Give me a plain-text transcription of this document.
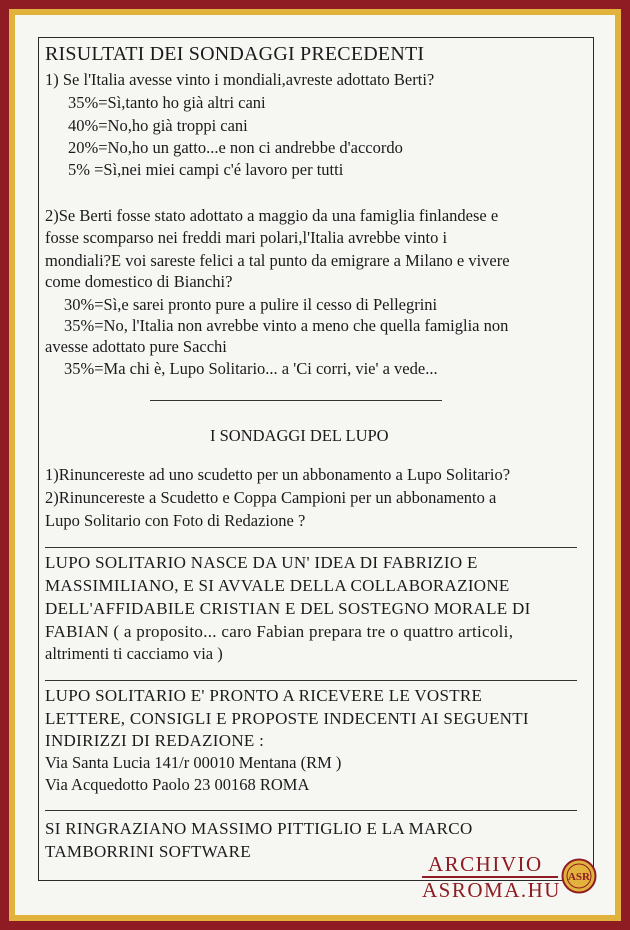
RISULTATI DEI SONDAGGI PRECEDENTI
1) Se l'Italia avesse vinto i mondiali,avreste adottato Berti?
35%=Sì,tanto ho già altri cani
40%=No,ho già troppi cani
20%=No,ho un gatto...e non ci andrebbe d'accordo
5% =Sì,nei miei campi c'é lavoro per tutti
2)Se Berti fosse stato adottato a maggio da una famiglia finlandese e
fosse scomparso nei freddi mari polari,l'Italia avrebbe vinto i
mondiali?E voi sareste felici a tal punto da emigrare a Milano e vivere
come domestico di Bianchi?
30%=Sì,e sarei pronto pure a pulire il cesso di Pellegrini
35%=No, l'Italia non avrebbe vinto a meno che quella famiglia non
avesse adottato pure Sacchi
35%=Ma chi è, Lupo Solitario... a 'Ci corri, vie' a vede...
I SONDAGGI DEL LUPO
1)Rinuncereste ad uno scudetto per un abbonamento a Lupo Solitario?
2)Rinuncereste a Scudetto e Coppa Campioni per un abbonamento a
Lupo Solitario con Foto di Redazione ?
LUPO SOLITARIO NASCE DA UN' IDEA DI FABRIZIO E
MASSIMILIANO, E SI AVVALE DELLA COLLABORAZIONE
DELL'AFFIDABILE CRISTIAN E DEL SOSTEGNO MORALE DI
FABIAN ( a proposito... caro Fabian prepara tre o quattro articoli,
altrimenti ti cacciamo via )
LUPO SOLITARIO E' PRONTO A RICEVERE LE VOSTRE
LETTERE, CONSIGLI E PROPOSTE INDECENTI AI SEGUENTI
INDIRIZZI DI REDAZIONE :
Via Santa Lucia 141/r 00010 Mentana (RM )
Via Acquedotto Paolo 23 00168 ROMA
SI RINGRAZIANO MASSIMO PITTIGLIO E LA MARCO
TAMBORRINI SOFTWARE
ARCHIVIO
ASROMA.HU
ASR
